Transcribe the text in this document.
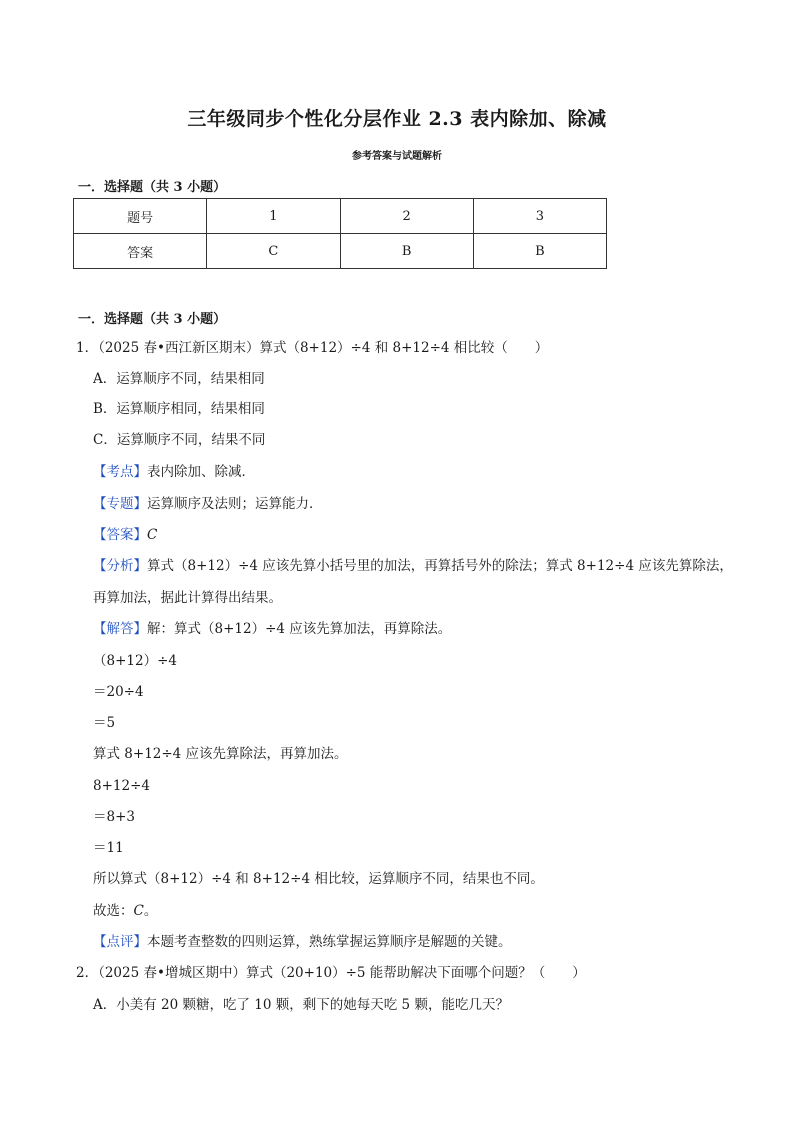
三年级同步个性化分层作业 2.3 表内除加、除减
参考答案与试题解析
一．选择题（共 3 小题）
题号	1	2	3
答案	C	B	B
一．选择题（共 3 小题）
1．（2025 春•西江新区期末）算式（8+12）÷4 和 8+12÷4 相比较（　　）
A．运算顺序不同，结果相同
B．运算顺序相同，结果相同
C．运算顺序不同，结果不同
【考点】表内除加、除减．
【专题】运算顺序及法则；运算能力．
【答案】C
【分析】算式（8+12）÷4 应该先算小括号里的加法，再算括号外的除法；算式 8+12÷4 应该先算除法，
再算加法，据此计算得出结果。
【解答】解：算式（8+12）÷4 应该先算加法，再算除法。
（8+12）÷4
＝20÷4
＝5
算式 8+12÷4 应该先算除法，再算加法。
8+12÷4
＝8+3
＝11
所以算式（8+12）÷4 和 8+12÷4 相比较，运算顺序不同，结果也不同。
故选：C。
【点评】本题考查整数的四则运算，熟练掌握运算顺序是解题的关键。
2．（2025 春•增城区期中）算式（20+10）÷5 能帮助解决下面哪个问题？（　　）
A．小美有 20 颗糖，吃了 10 颗，剩下的她每天吃 5 颗，能吃几天？
